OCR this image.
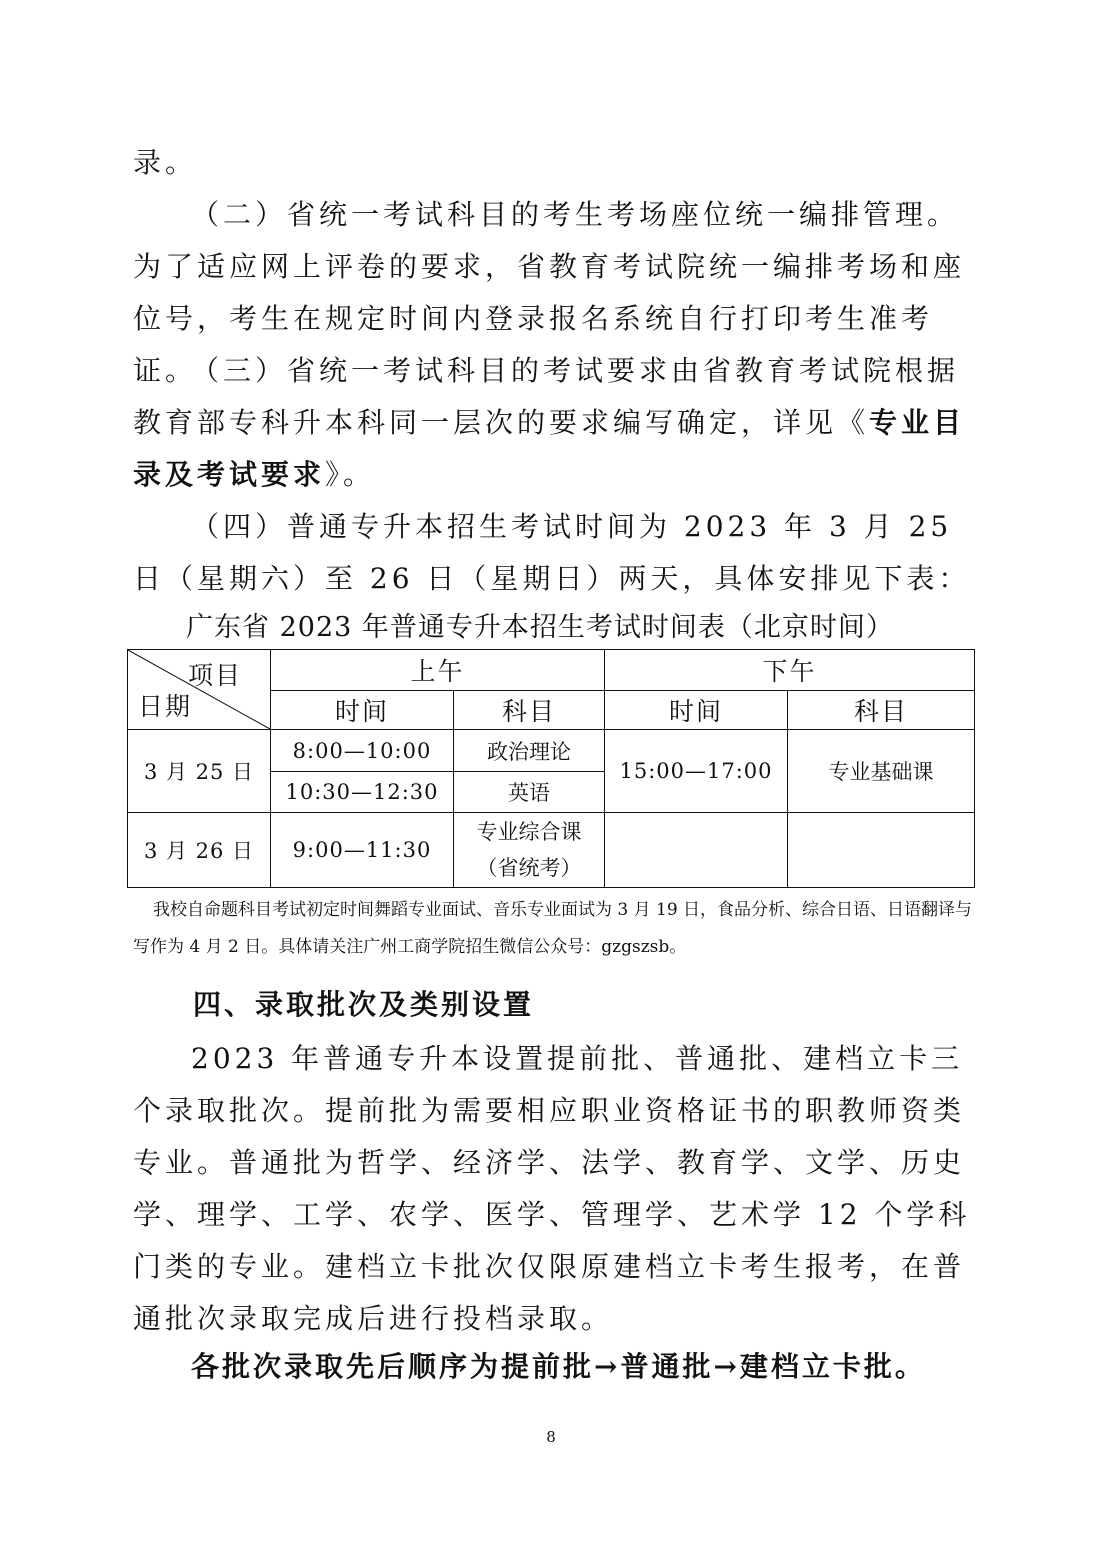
录。

（二）省统一考试科目的考生考场座位统一编排管理。为了适应网上评卷的要求，省教育考试院统一编排考场和座位号，考生在规定时间内登录报名系统自行打印考生准考证。

（三）省统一考试科目的考试要求由省教育考试院根据教育部专科升本科同一层次的要求编写确定，详见《专业目录及考试要求》。

（四）普通专升本招生考试时间为 2023 年 3 月 25 日（星期六）至 26 日（星期日）两天，具体安排见下表：

广东省 2023 年普通专升本招生考试时间表（北京时间）

项目
日期	上午		下午	
	时间	科目	时间	科目
3 月 25 日	8:00—10:00	政治理论	15:00—17:00	专业基础课
	10:30—12:30	英语		
3 月 26 日	9:00—11:30	专业综合课
（省统考）		

我校自命题科目考试初定时间舞蹈专业面试、音乐专业面试为 3 月 19 日，食品分析、综合日语、日语翻译与写作为 4 月 2 日。具体请关注广州工商学院招生微信公众号：gzgszsb。

四、录取批次及类别设置

2023 年普通专升本设置提前批、普通批、建档立卡三个录取批次。提前批为需要相应职业资格证书的职教师资类专业。普通批为哲学、经济学、法学、教育学、文学、历史学、理学、工学、农学、医学、管理学、艺术学 12 个学科门类的专业。建档立卡批次仅限原建档立卡考生报考，在普通批次录取完成后进行投档录取。

各批次录取先后顺序为提前批→普通批→建档立卡批。

8
